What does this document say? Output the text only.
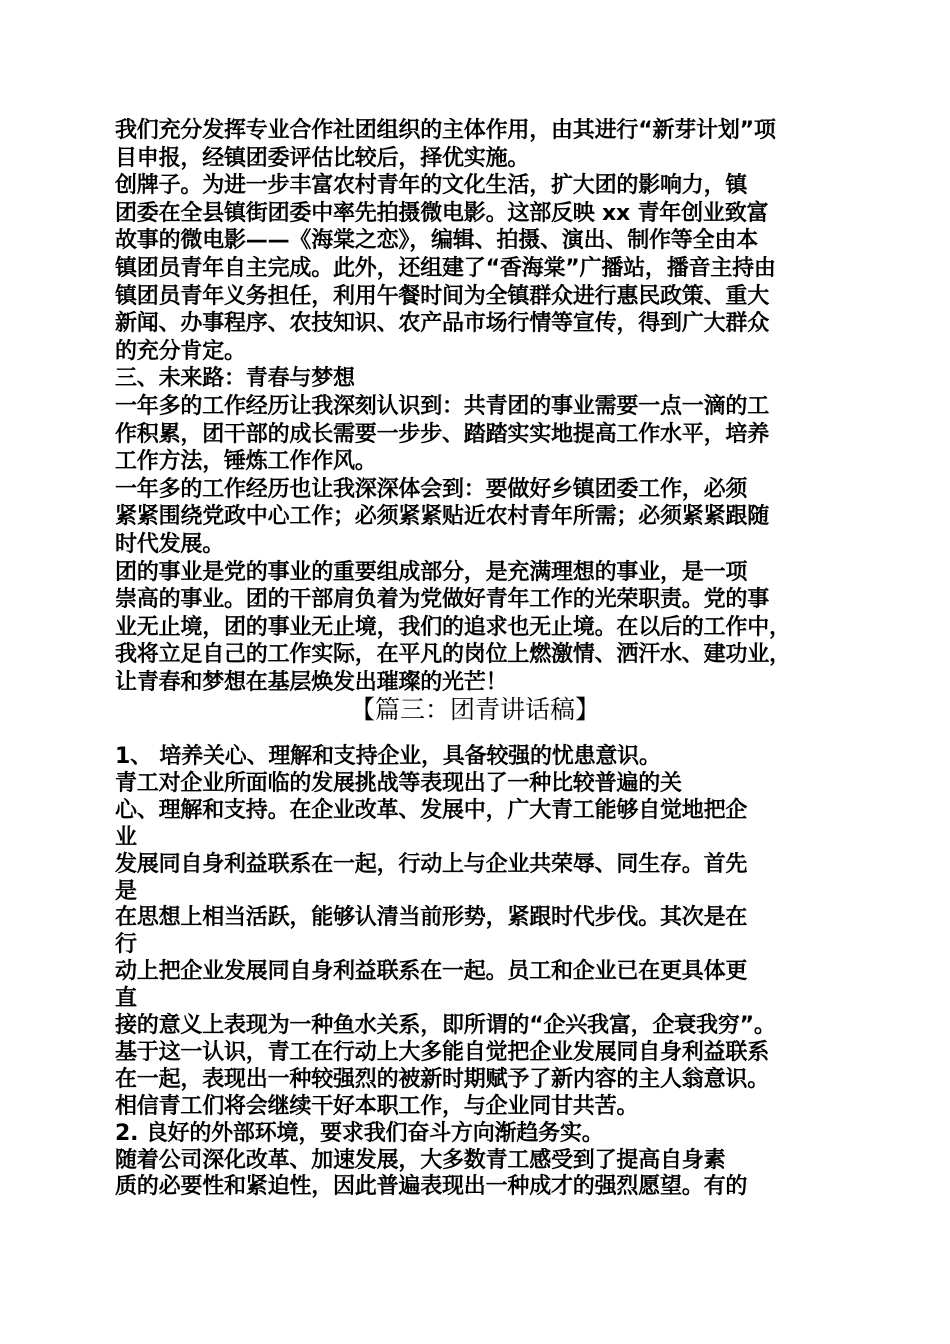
我们充分发挥专业合作社团组织的主体作用，由其进行“新芽计划”项
目申报，经镇团委评估比较后，择优实施。
创牌子。为进一步丰富农村青年的文化生活，扩大团的影响力，镇
团委在全县镇街团委中率先拍摄微电影。这部反映 xx 青年创业致富
故事的微电影——《海棠之恋》，编辑、拍摄、演出、制作等全由本
镇团员青年自主完成。此外，还组建了“香海棠”广播站，播音主持由
镇团员青年义务担任，利用午餐时间为全镇群众进行惠民政策、重大
新闻、办事程序、农技知识、农产品市场行情等宣传，得到广大群众
的充分肯定。
三、未来路：青春与梦想
一年多的工作经历让我深刻认识到：共青团的事业需要一点一滴的工
作积累，团干部的成长需要一步步、踏踏实实地提高工作水平，培养
工作方法，锤炼工作作风。
一年多的工作经历也让我深深体会到：要做好乡镇团委工作，必须
紧紧围绕党政中心工作；必须紧紧贴近农村青年所需；必须紧紧跟随
时代发展。
团的事业是党的事业的重要组成部分，是充满理想的事业，是一项
崇高的事业。团的干部肩负着为党做好青年工作的光荣职责。党的事
业无止境，团的事业无止境，我们的追求也无止境。在以后的工作中，
我将立足自己的工作实际，在平凡的岗位上燃激情、洒汗水、建功业，
让青春和梦想在基层焕发出璀璨的光芒！
【篇三：团青讲话稿】
1、 培养关心、理解和支持企业，具备较强的忧患意识。
青工对企业所面临的发展挑战等表现出了一种比较普遍的关
心、理解和支持。在企业改革、发展中，广大青工能够自觉地把企
业
发展同自身利益联系在一起，行动上与企业共荣辱、同生存。首先
是
在思想上相当活跃，能够认清当前形势，紧跟时代步伐。其次是在
行
动上把企业发展同自身利益联系在一起。员工和企业已在更具体更
直
接的意义上表现为一种鱼水关系，即所谓的“企兴我富，企衰我穷”。
基于这一认识，青工在行动上大多能自觉把企业发展同自身利益联系
在一起，表现出一种较强烈的被新时期赋予了新内容的主人翁意识。
相信青工们将会继续干好本职工作，与企业同甘共苦。
2. 良好的外部环境，要求我们奋斗方向渐趋务实。
随着公司深化改革、加速发展，大多数青工感受到了提高自身素
质的必要性和紧迫性，因此普遍表现出一种成才的强烈愿望。有的
